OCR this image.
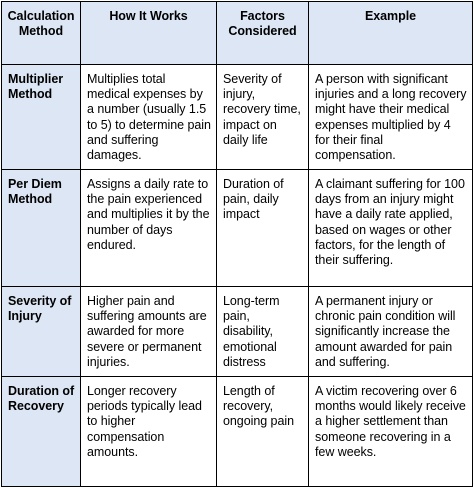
Calculation Method	How It Works	Factors Considered	Example
Multiplier Method	Multiplies total medical expenses by a number (usually 1.5 to 5) to determine pain and suffering damages.	Severity of injury, recovery time, impact on daily life	A person with significant injuries and a long recovery might have their medical expenses multiplied by 4 for their final compensation.
Per Diem Method	Assigns a daily rate to the pain experienced and multiplies it by the number of days endured.	Duration of pain, daily impact	A claimant suffering for 100 days from an injury might have a daily rate applied, based on wages or other factors, for the length of their suffering.
Severity of Injury	Higher pain and suffering amounts are awarded for more severe or permanent injuries.	Long-term pain, disability, emotional distress	A permanent injury or chronic pain condition will significantly increase the amount awarded for pain and suffering.
Duration of Recovery	Longer recovery periods typically lead to higher compensation amounts.	Length of recovery, ongoing pain	A victim recovering over 6 months would likely receive a higher settlement than someone recovering in a few weeks.
